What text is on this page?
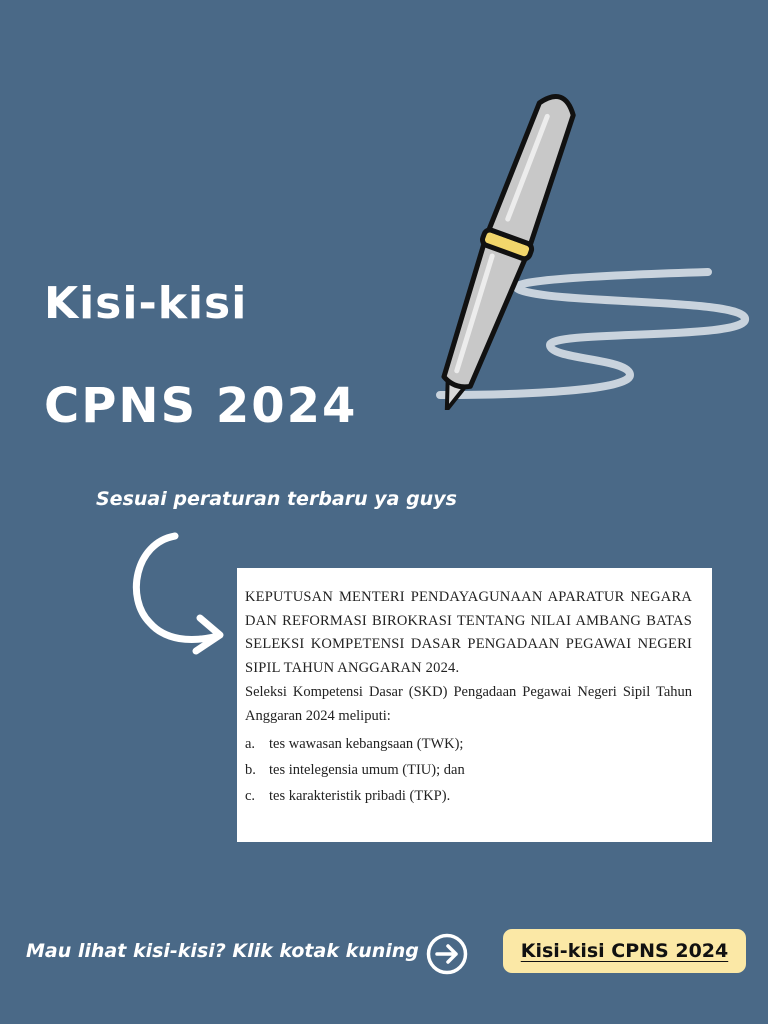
Kisi-kisi
CPNS 2024
Sesuai peraturan terbaru ya guys

KEPUTUSAN MENTERI PENDAYAGUNAAN APARATUR NEGARA DAN REFORMASI BIROKRASI TENTANG NILAI AMBANG BATAS SELEKSI KOMPETENSI DASAR PENGADAAN PEGAWAI NEGERI SIPIL TAHUN ANGGARAN 2024.

Seleksi Kompetensi Dasar (SKD) Pengadaan Pegawai Negeri Sipil Tahun Anggaran 2024 meliputi:

a. tes wawasan kebangsaan (TWK);
b. tes intelegensia umum (TIU); dan
c. tes karakteristik pribadi (TKP).
Mau lihat kisi-kisi? Klik kotak kuning	Kisi-kisi CPNS 2024
